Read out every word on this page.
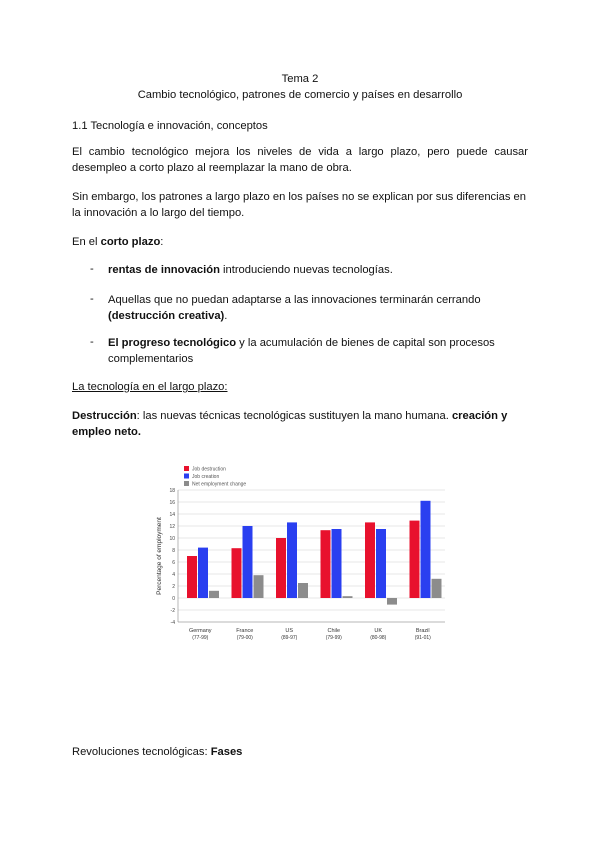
Tema 2
Cambio tecnológico, patrones de comercio y países en desarrollo
1.1 Tecnología e innovación, conceptos
El cambio tecnológico mejora los niveles de vida a largo plazo, pero puede causar desempleo a corto plazo al reemplazar la mano de obra.
Sin embargo, los patrones a largo plazo en los países no se explican por sus diferencias en la innovación a lo largo del tiempo.
En el corto plazo:
-	rentas de innovación introduciendo nuevas tecnologías.
-	Aquellas que no puedan adaptarse a las innovaciones terminarán cerrando
(destrucción creativa).
-	El progreso tecnológico y la acumulación de bienes de capital son procesos complementarios
La tecnología en el largo plazo:
Destrucción: las nuevas técnicas tecnológicas sustituyen la mano humana. creación y empleo neto.
-4
-2
0
2
4
6
8
10
12
14
16
18
Percentage of employment
Germany
(77-99)
France
(79-00)
US
(89-97)
Chile
(79-99)
UK
(80-98)
Brazil
(91-01)
Job destruction
Job creation
Net employment change
Revoluciones tecnológicas: Fases
